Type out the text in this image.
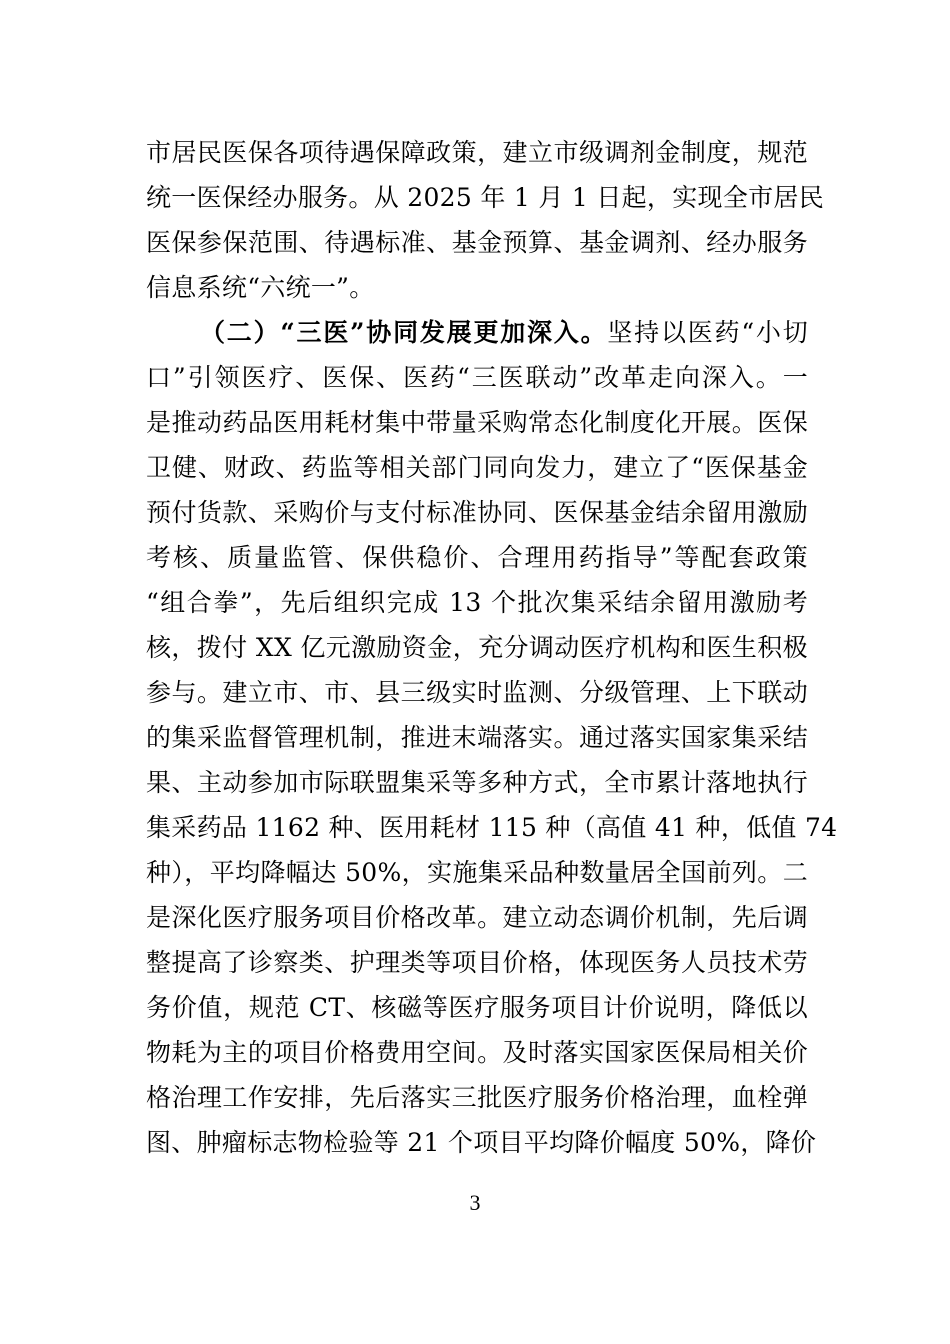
市居民医保各项待遇保障政策，建立市级调剂金制度，规范
统一医保经办服务。从 2025 年 1 月 1 日起，实现全市居民
医保参保范围、待遇标准、基金预算、基金调剂、经办服务
信息系统“六统一”。
（二）“三医”协同发展更加深入。坚持以医药“小切
口”引领医疗、医保、医药“三医联动”改革走向深入。一
是推动药品医用耗材集中带量采购常态化制度化开展。医保
卫健、财政、药监等相关部门同向发力，建立了“医保基金
预付货款、采购价与支付标准协同、医保基金结余留用激励
考核、质量监管、保供稳价、合理用药指导”等配套政策
“组合拳”，先后组织完成 13 个批次集采结余留用激励考
核，拨付 XX 亿元激励资金，充分调动医疗机构和医生积极
参与。建立市、市、县三级实时监测、分级管理、上下联动
的集采监督管理机制，推进末端落实。通过落实国家集采结
果、主动参加市际联盟集采等多种方式，全市累计落地执行
集采药品 1162 种、医用耗材 115 种（高值 41 种，低值 74
种），平均降幅达 50%，实施集采品种数量居全国前列。二
是深化医疗服务项目价格改革。建立动态调价机制，先后调
整提高了诊察类、护理类等项目价格，体现医务人员技术劳
务价值，规范 CT、核磁等医疗服务项目计价说明，降低以
物耗为主的项目价格费用空间。及时落实国家医保局相关价
格治理工作安排，先后落实三批医疗服务价格治理，血栓弹
图、肿瘤标志物检验等 21 个项目平均降价幅度 50%，降价
3
